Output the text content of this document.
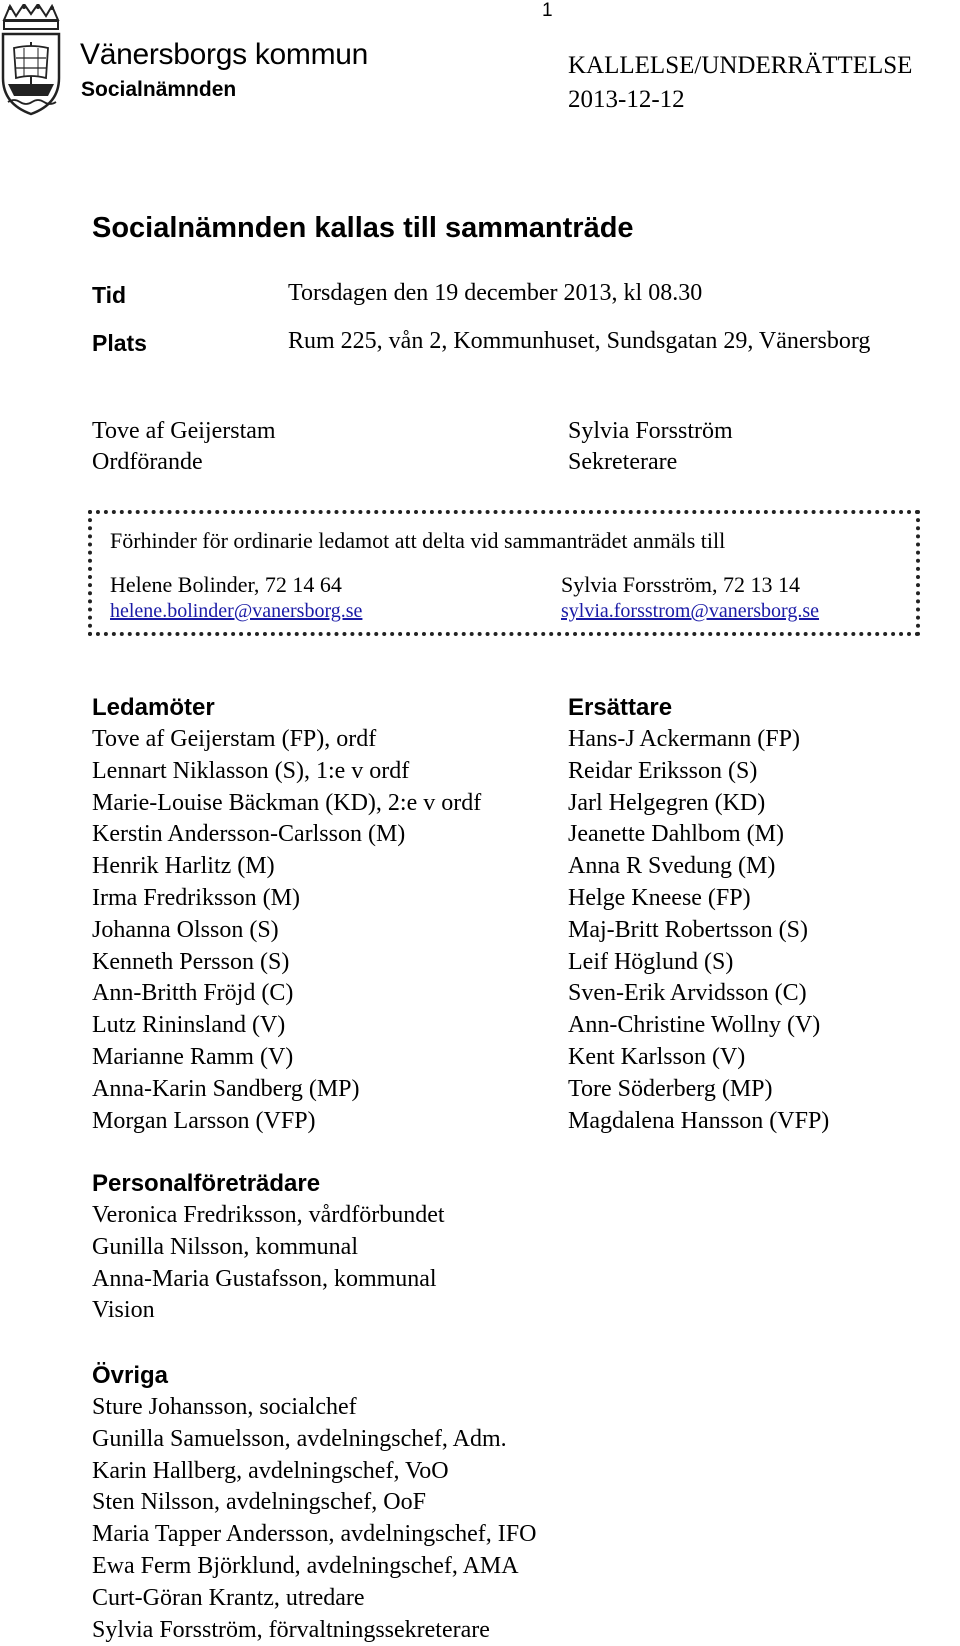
1
Vänersborgs kommun
Socialnämnden
KALLELSE/UNDERRÄTTELSE
2013-12-12
Socialnämnden kallas till sammanträde
Tid	Torsdagen den 19 december 2013, kl 08.30
Plats	Rum 225, vån 2, Kommunhuset, Sundsgatan 29, Vänersborg
Tove af Geijerstam
Ordförande
Sylvia Forsström
Sekreterare
Förhinder för ordinarie ledamot att delta vid sammanträdet anmäls till
Helene Bolinder, 72 14 64
helene.bolinder@vanersborg.se
Sylvia Forsström, 72 13 14
sylvia.forsstrom@vanersborg.se
Ledamöter
Tove af Geijerstam (FP), ordf
Lennart Niklasson (S), 1:e v ordf
Marie-Louise Bäckman (KD), 2:e v ordf
Kerstin Andersson-Carlsson (M)
Henrik Harlitz (M)
Irma Fredriksson (M)
Johanna Olsson (S)
Kenneth Persson (S)
Ann-Britth Fröjd (C)
Lutz Rininsland (V)
Marianne Ramm (V)
Anna-Karin Sandberg (MP)
Morgan Larsson (VFP)
Ersättare
Hans-J Ackermann (FP)
Reidar Eriksson (S)
Jarl Helgegren (KD)
Jeanette Dahlbom (M)
Anna R Svedung (M)
Helge Kneese (FP)
Maj-Britt Robertsson (S)
Leif Höglund (S)
Sven-Erik Arvidsson (C)
Ann-Christine Wollny (V)
Kent Karlsson (V)
Tore Söderberg (MP)
Magdalena Hansson (VFP)
Personalföreträdare
Veronica Fredriksson, vårdförbundet
Gunilla Nilsson, kommunal
Anna-Maria Gustafsson, kommunal
Vision
Övriga
Sture Johansson, socialchef
Gunilla Samuelsson, avdelningschef, Adm.
Karin Hallberg, avdelningschef, VoO
Sten Nilsson, avdelningschef, OoF
Maria Tapper Andersson, avdelningschef, IFO
Ewa Ferm Björklund, avdelningschef, AMA
Curt-Göran Krantz, utredare
Sylvia Forsström, förvaltningssekreterare
